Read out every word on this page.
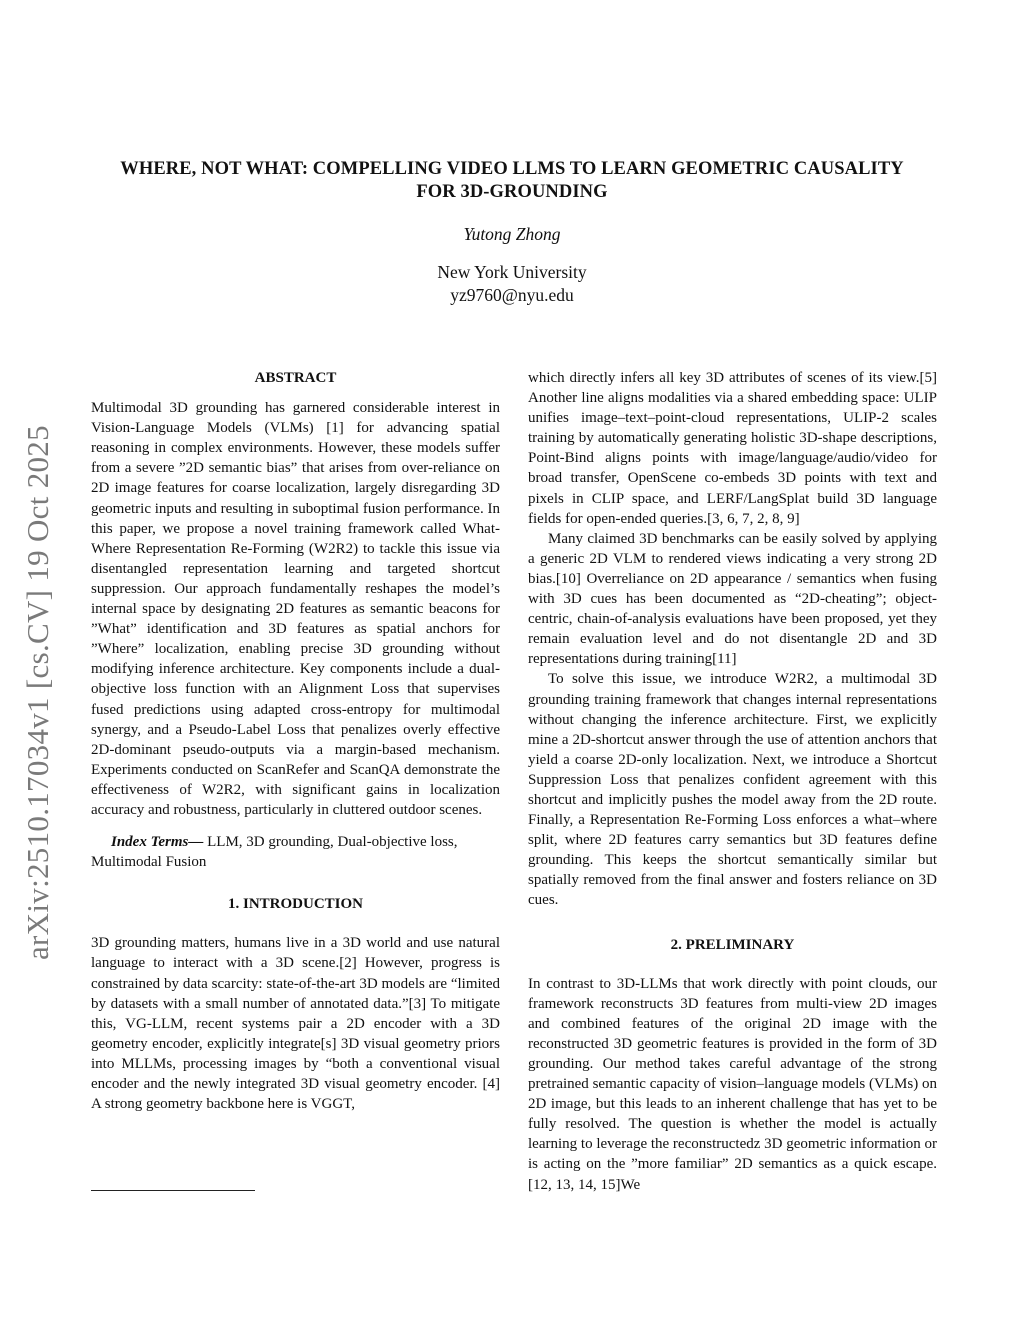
arXiv:2510.17034v1 [cs.CV] 19 Oct 2025
WHERE, NOT WHAT: COMPELLING VIDEO LLMS TO LEARN GEOMETRIC CAUSALITY
FOR 3D-GROUNDING
Yutong Zhong
New York University
yz9760@nyu.edu
ABSTRACT

Multimodal 3D grounding has garnered considerable interest in Vision-Language Models (VLMs) [1] for advancing spatial reasoning in complex environments. However, these models suffer from a severe ”2D semantic bias” that arises from over-reliance on 2D image features for coarse localization, largely disregarding 3D geometric inputs and resulting in suboptimal fusion performance. In this paper, we propose a novel training framework called What-Where Representation Re-Forming (W2R2) to tackle this issue via disentangled representation learning and targeted shortcut suppression. Our approach fundamentally reshapes the model’s internal space by designating 2D features as semantic beacons for ”What” identification and 3D features as spatial anchors for ”Where” localization, enabling precise 3D grounding without modifying inference architecture. Key components include a dual-objective loss function with an Alignment Loss that supervises fused predictions using adapted cross-entropy for multimodal synergy, and a Pseudo-Label Loss that penalizes overly effective 2D-dominant pseudo-outputs via a margin-based mechanism. Experiments conducted on ScanRefer and ScanQA demonstrate the effectiveness of W2R2, with significant gains in localization accuracy and robustness, particularly in cluttered outdoor scenes.

Index Terms— LLM, 3D grounding, Dual-objective loss, Multimodal Fusion

1. INTRODUCTION

3D grounding matters, humans live in a 3D world and use natural language to interact with a 3D scene.[2] However, progress is constrained by data scarcity: state-of-the-art 3D models are “limited by datasets with a small number of annotated data.”[3] To mitigate this, VG-LLM, recent systems pair a 2D encoder with a 3D geometry encoder, explicitly integrate[s] 3D visual geometry priors into MLLMs, processing images by “both a conventional visual encoder and the newly integrated 3D visual geometry encoder. [4] A strong geometry backbone here is VGGT,

which directly infers all key 3D attributes of scenes of its view.[5] Another line aligns modalities via a shared embedding space: ULIP unifies image–text–point-cloud representations, ULIP-2 scales training by automatically generating holistic 3D-shape descriptions, Point-Bind aligns points with image/language/audio/video for broad transfer, OpenScene co-embeds 3D points with text and pixels in CLIP space, and LERF/LangSplat build 3D language fields for open-ended queries.[3, 6, 7, 2, 8, 9]

Many claimed 3D benchmarks can be easily solved by applying a generic 2D VLM to rendered views indicating a very strong 2D bias.[10] Overreliance on 2D appearance / semantics when fusing with 3D cues has been documented as “2D-cheating”; object-centric, chain-of-analysis evaluations have been proposed, yet they remain evaluation level and do not disentangle 2D and 3D representations during training[11]

To solve this issue, we introduce W2R2, a multimodal 3D grounding training framework that changes internal representations without changing the inference architecture. First, we explicitly mine a 2D-shortcut answer through the use of attention anchors that yield a coarse 2D-only localization. Next, we introduce a Shortcut Suppression Loss that penalizes confident agreement with this shortcut and implicitly pushes the model away from the 2D route. Finally, a Representation Re-Forming Loss enforces a what–where split, where 2D features carry semantics but 3D features define grounding. This keeps the shortcut semantically similar but spatially removed from the final answer and fosters reliance on 3D cues.

2. PRELIMINARY

In contrast to 3D-LLMs that work directly with point clouds, our framework reconstructs 3D features from multi-view 2D images and combined features of the original 2D image with the reconstructed 3D geometric features is provided in the form of 3D grounding. Our method takes careful advantage of the strong pretrained semantic capacity of vision–language models (VLMs) on 2D image, but this leads to an inherent challenge that has yet to be fully resolved. The question is whether the model is actually learning to leverage the reconstructedz 3D geometric information or is acting on the ”more familiar” 2D semantics as a quick escape.[12, 13, 14, 15]We
